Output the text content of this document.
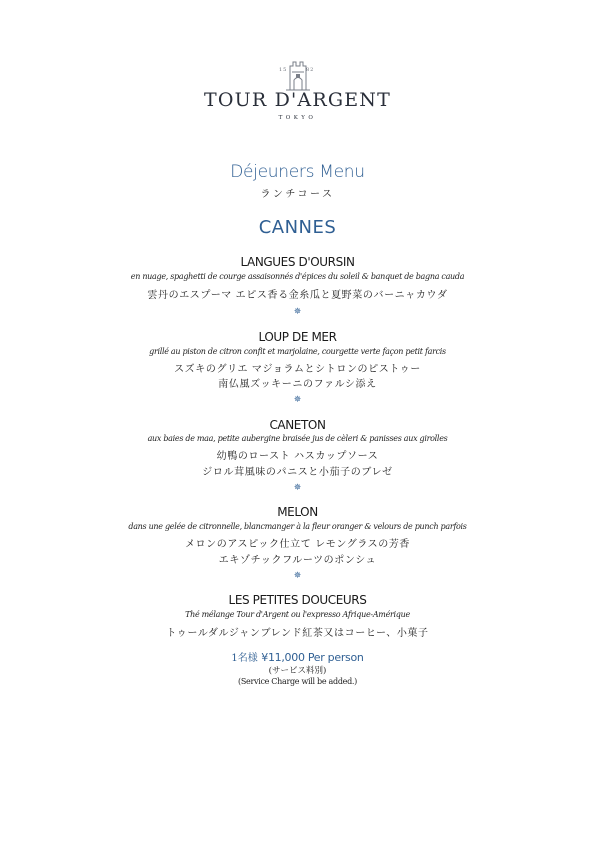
15	82
TOUR D'ARGENT
TOKYO
Déjeuners Menu
ランチコース
CANNES
LANGUES D'OURSIN
en nuage, spaghetti de courge assaisonnés d'épices du soleil & banquet de bagna cauda
雲丹のエスプーマ エピス香る金糸瓜と夏野菜のバーニャカウダ
✵
LOUP DE MER
grillé au piston de citron confit et marjolaine, courgette verte façon petit farcis
スズキのグリエ マジョラムとシトロンのピストゥー
南仏風ズッキーニのファルシ添え
✵
CANETON
aux baies de maa, petite aubergine braisée jus de cèleri & panisses aux girolles
幼鴨のロースト ハスカップソース
ジロル茸風味のパニスと小茄子のブレゼ
✵
MELON
dans une gelée de citronnelle, blancmanger à la fleur oranger & velours de punch parfois
メロンのアスピック仕立て レモングラスの芳香
エキゾチックフルーツのポンシュ
✵
LES PETITES DOUCEURS
Thé mélange Tour d'Argent ou l'expresso Afrique-Amérique
トゥールダルジャンブレンド紅茶又はコーヒー、小菓子
1名様 ¥11,000 Per person
(サービス料別)
(Service Charge will be added.)
